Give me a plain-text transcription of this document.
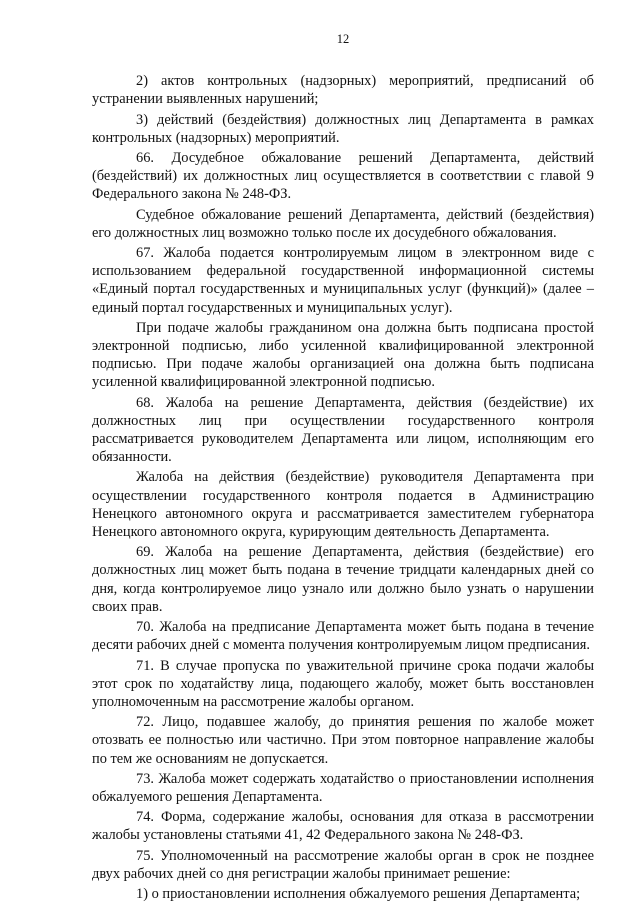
12

2) актов контрольных (надзорных) мероприятий, предписаний об устранении выявленных нарушений;

3) действий (бездействия) должностных лиц Департамента в рамках контрольных (надзорных) мероприятий.

66. Досудебное обжалование решений Департамента, действий (бездействий) их должностных лиц осуществляется в соответствии с главой 9 Федерального закона № 248-ФЗ.

Судебное обжалование решений Департамента, действий (бездействия) его должностных лиц возможно только после их досудебного обжалования.

67. Жалоба подается контролируемым лицом в электронном виде с использованием федеральной государственной информационной системы «Единый портал государственных и муниципальных услуг (функций)» (далее – единый портал государственных и муниципальных услуг).

При подаче жалобы гражданином она должна быть подписана простой электронной подписью, либо усиленной квалифицированной электронной подписью. При подаче жалобы организацией она должна быть подписана усиленной квалифицированной электронной подписью.

68. Жалоба на решение Департамента, действия (бездействие) их должностных лиц при осуществлении государственного контроля рассматривается руководителем Департамента или лицом, исполняющим его обязанности.

Жалоба на действия (бездействие) руководителя Департамента при осуществлении государственного контроля подается в Администрацию Ненецкого автономного округа и рассматривается заместителем губернатора Ненецкого автономного округа, курирующим деятельность Департамента.

69. Жалоба на решение Департамента, действия (бездействие) его должностных лиц может быть подана в течение тридцати календарных дней со дня, когда контролируемое лицо узнало или должно было узнать о нарушении своих прав.

70. Жалоба на предписание Департамента может быть подана в течение десяти рабочих дней с момента получения контролируемым лицом предписания.

71. В случае пропуска по уважительной причине срока подачи жалобы этот срок по ходатайству лица, подающего жалобу, может быть восстановлен уполномоченным на рассмотрение жалобы органом.

72. Лицо, подавшее жалобу, до принятия решения по жалобе может отозвать ее полностью или частично. При этом повторное направление жалобы по тем же основаниям не допускается.

73. Жалоба может содержать ходатайство о приостановлении исполнения обжалуемого решения Департамента.

74. Форма, содержание жалобы, основания для отказа в рассмотрении жалобы установлены статьями 41, 42 Федерального закона № 248-ФЗ.

75. Уполномоченный на рассмотрение жалобы орган в срок не позднее двух рабочих дней со дня регистрации жалобы принимает решение:

1) о приостановлении исполнения обжалуемого решения Департамента;
